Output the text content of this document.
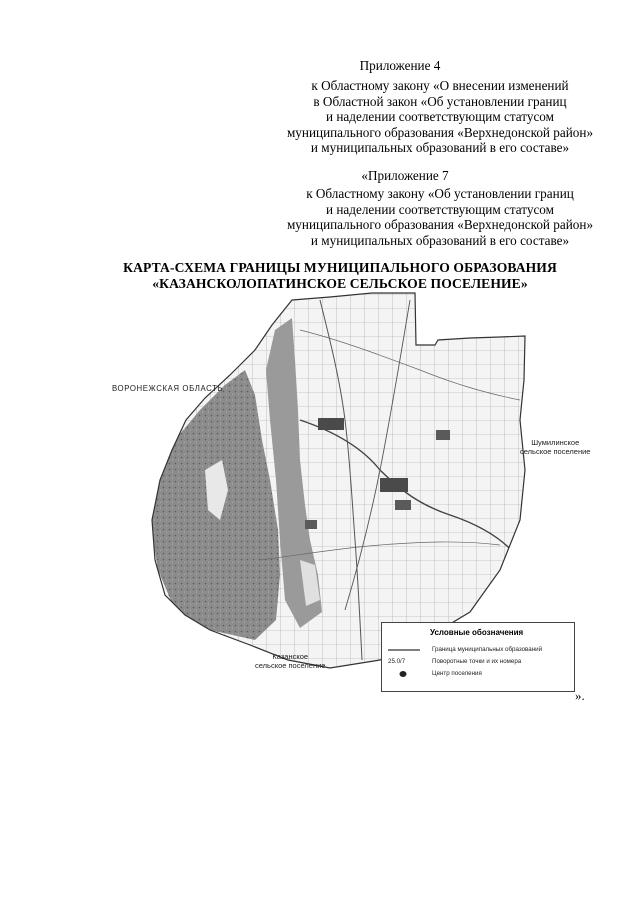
Приложение 4
к Областному закону «О внесении изменений
в Областной закон «Об установлении границ
и наделении соответствующим статусом
муниципального образования «Верхнедонской район»
и муниципальных образований в его составе»
«Приложение 7
к Областному закону «Об установлении границ
и наделении соответствующим статусом
муниципального образования «Верхнедонской район»
и муниципальных образований в его составе»
КАРТА-СХЕМА ГРАНИЦЫ МУНИЦИПАЛЬНОГО ОБРАЗОВАНИЯ
«КАЗАНСКОЛОПАТИНСКОЕ СЕЛЬСКОЕ ПОСЕЛЕНИЕ»
ВОРОНЕЖСКАЯ ОБЛАСТЬ
Шумилинское
сельское поселение
Казанское
сельское поселение
Условные обозначения
Граница муниципальных образований
25.0/7	Поворотные точки и их номера
Центр поселения
».
